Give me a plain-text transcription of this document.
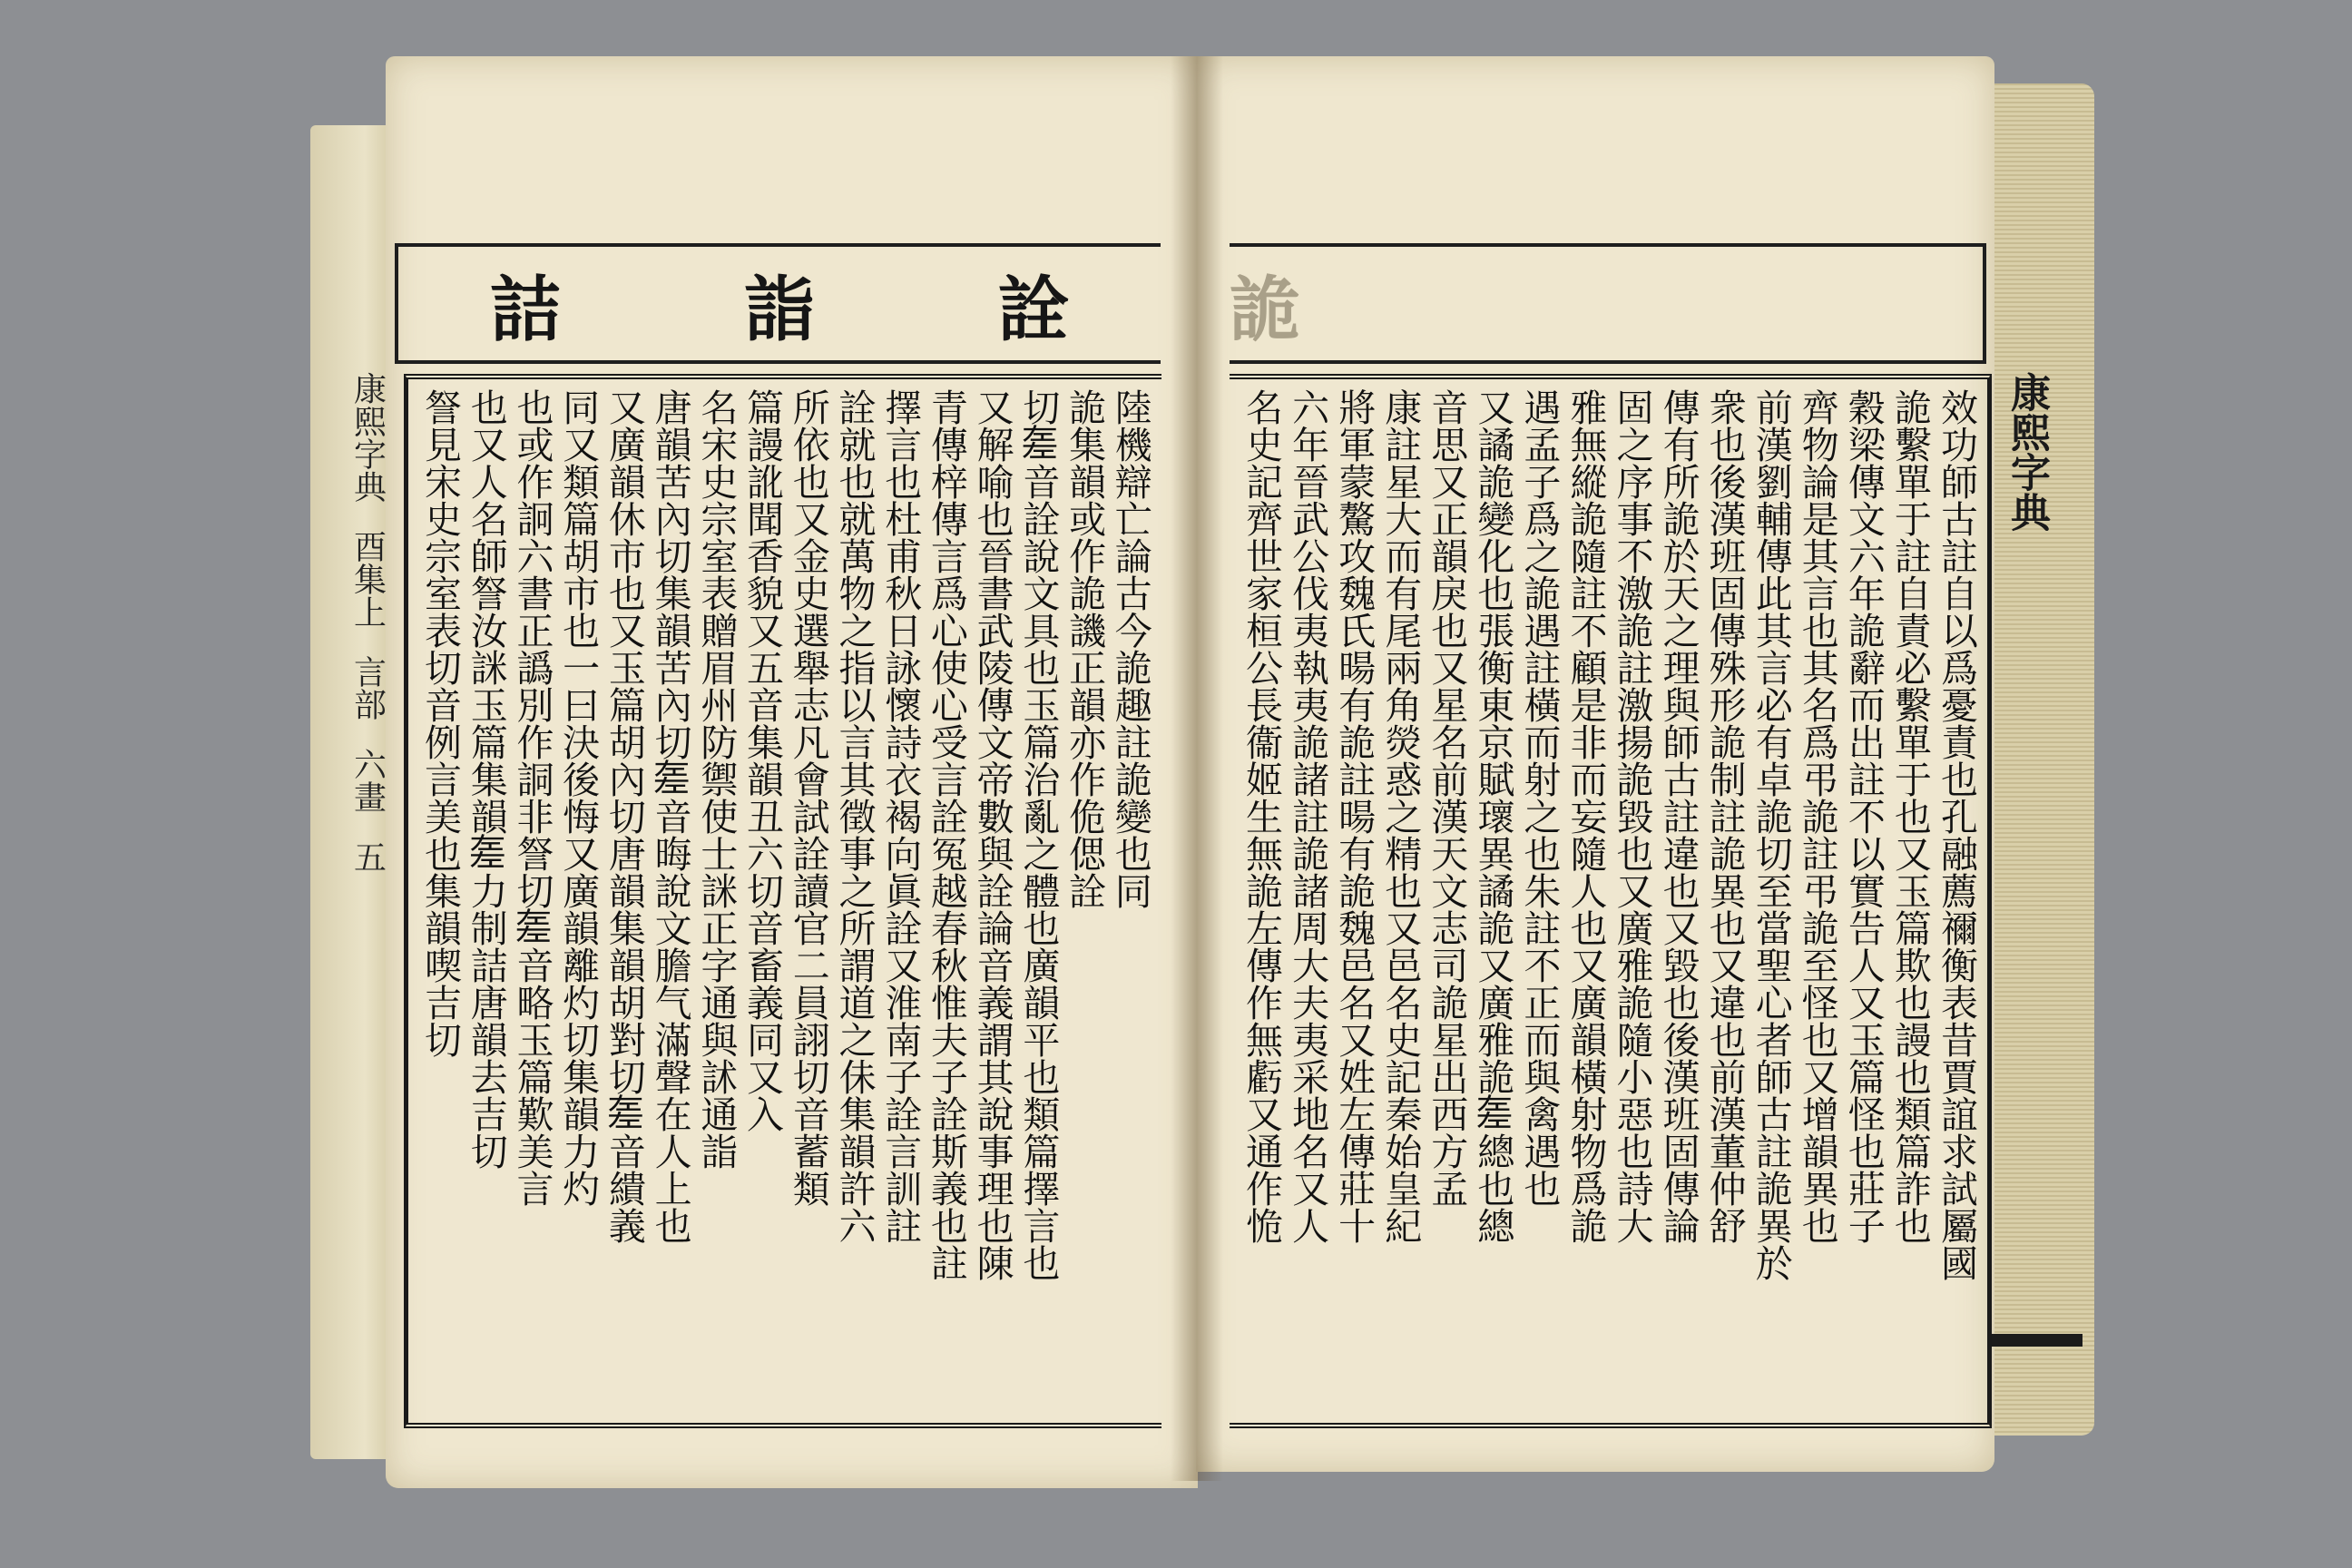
詮
詣
詰	詭
康熙字典
酉集上
言部
六畫
五
康熙字典
陸機辯亡論古今詭趣註詭變也同
詭集韻或作詭譏正韻亦作佹偲詮
切𢀡音詮說文具也玉篇治亂之體也廣韻平也類篇擇言也
又解喻也晉書武陵傳文帝數與詮論音義謂其說事理也陳
青傳梓傳言爲心使心受言詮冤越春秋惟夫子詮斯義也註
擇言也杜甫秋日詠懷詩衣褐向眞詮又淮南子詮言訓註
詮就也就萬物之指以言其徵事之所謂道之佅集韻許六
所依也又金史選舉志凡會試詮讀官二員詡切音蓄類
篇謾訛聞香貌又五音集韻丑六切音畜義同又入
名宋史宗室表贈眉州防禦使士詸正字通與訹通詣
唐韻苦內切集韻苦內切𢀡音晦說文膽气滿聲在人上也
又廣韻休市也又玉篇胡內切唐韻集韻胡對切𢀡音繢義
同又類篇胡市也一曰決後悔又廣韻離灼切集韻力灼
也或作詗六書正譌別作詷非詧切𢀡音略玉篇歎美言
也又人名師詧汝詸玉篇集韻𢀡力制詰唐韻去吉切
詧見宋史宗室表切音例言美也集韻喫吉切	效功師古註自以爲憂責也孔融薦禰衡表昔賈誼求試屬國
詭繫單于註自責必繫單于也又玉篇欺也謾也類篇詐也
穀梁傳文六年詭辭而出註不以實告人又玉篇怪也莊子
齊物論是其言也其名爲弔詭註弔詭至怪也又增韻異也
前漢劉輔傳此其言必有卓詭切至當聖心者師古註詭異於
衆也後漢班固傳殊形詭制註詭異也又違也前漢董仲舒
傳有所詭於天之理與師古註違也又毀也後漢班固傳論
固之序事不激詭註激揚詭毀也又廣雅詭隨小惡也詩大
雅無縱詭隨註不顧是非而妄隨人也又廣韻橫射物爲詭
遇孟子爲之詭遇註橫而射之也朱註不正而與禽遇也
又譎詭變化也張衡東京賦瓌異譎詭又廣雅詭𢀡總也總
音思又正韻戾也又星名前漢天文志司詭星出西方孟
康註星大而有尾兩角熒惑之精也又邑名史記秦始皇紀
將軍蒙驁攻魏氏暘有詭註暘有詭魏邑名又姓左傳莊十
六年晉武公伐夷執夷詭諸註詭諸周大夫夷采地名又人
名史記齊世家桓公長衞姬生無詭左傳作無虧又通作恑
